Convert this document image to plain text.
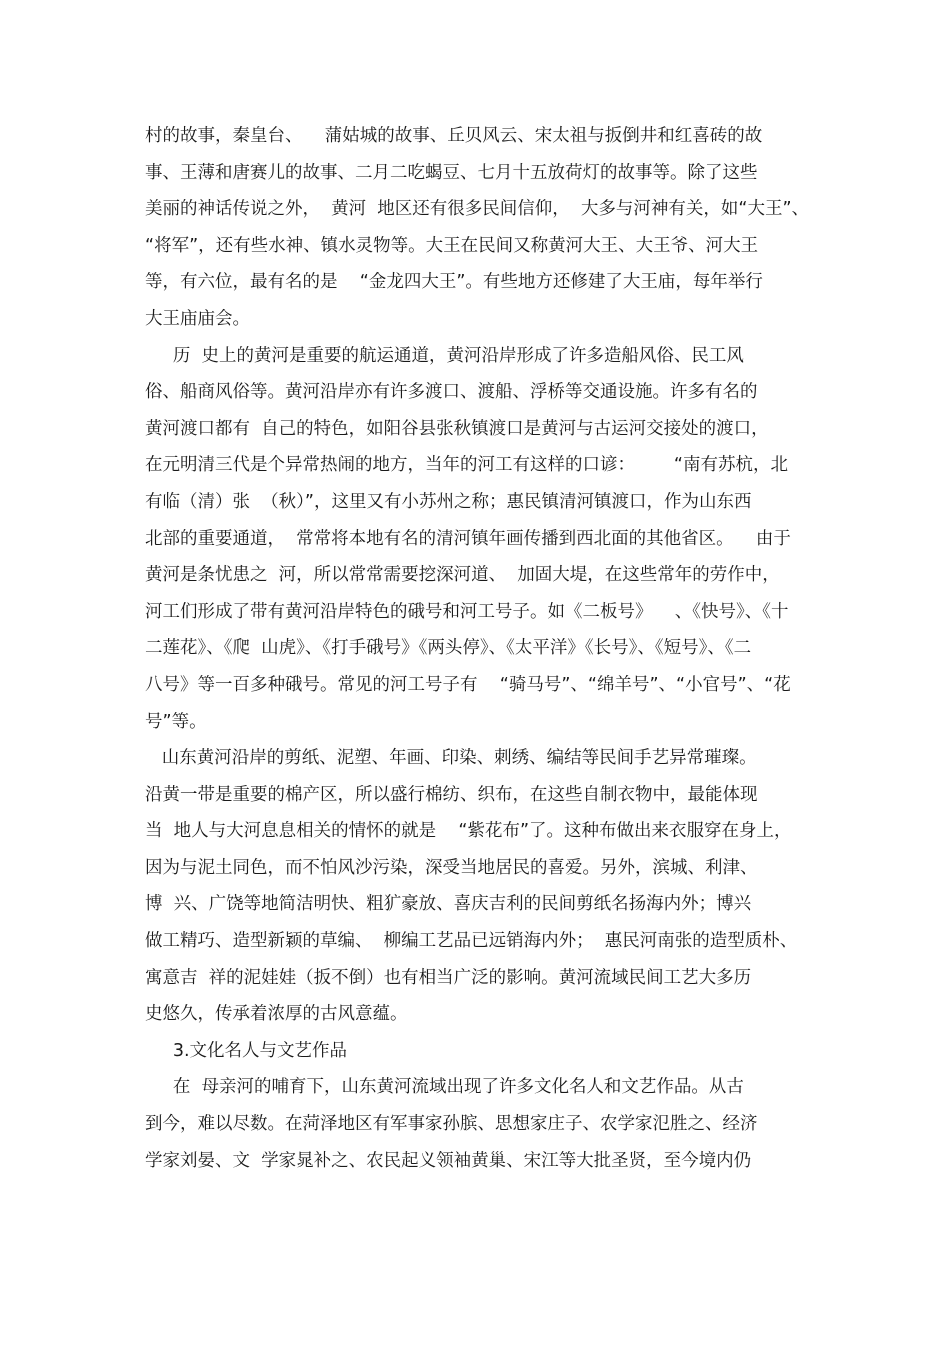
村的故事，秦皇台、    蒲姑城的故事、丘贝风云、宋太祖与扳倒井和红喜砖的故
事、王薄和唐赛儿的故事、二月二吃蝎豆、七月十五放荷灯的故事等。除了这些
美丽的神话传说之外，  黄河  地区还有很多民间信仰，  大多与河神有关，如“大王”、
“将军”，还有些水神、镇水灵物等。大王在民间又称黄河大王、大王爷、河大王
等，有六位，最有名的是    “金龙四大王”。有些地方还修建了大王庙，每年举行
大王庙庙会。
历  史上的黄河是重要的航运通道，黄河沿岸形成了许多造船风俗、民工风
俗、船商风俗等。黄河沿岸亦有许多渡口、渡船、浮桥等交通设施。许多有名的
黄河渡口都有  自己的特色，如阳谷县张秋镇渡口是黄河与古运河交接处的渡口，
在元明清三代是个异常热闹的地方，当年的河工有这样的口谚：       “南有苏杭，北
有临（清）张  （秋）”，这里又有小苏州之称；惠民镇清河镇渡口，作为山东西
北部的重要通道，  常常将本地有名的清河镇年画传播到西北面的其他省区。    由于
黄河是条忧患之  河，所以常常需要挖深河道、  加固大堤，在这些常年的劳作中，
河工们形成了带有黄河沿岸特色的硪号和河工号子。如《二板号》    、《快号》、《十
二莲花》、《爬  山虎》、《打手硪号》《两头停》、《太平洋》《长号》、《短号》、《二
八号》等一百多种硪号。常见的河工号子有    “骑马号”、“绵羊号”、“小官号”、“花
号”等。
山东黄河沿岸的剪纸、泥塑、年画、印染、刺绣、编结等民间手艺异常璀璨。
沿黄一带是重要的棉产区，所以盛行棉纺、织布，在这些自制衣物中，最能体现
当  地人与大河息息相关的情怀的就是    “紫花布”了。这种布做出来衣服穿在身上，
因为与泥土同色，而不怕风沙污染，深受当地居民的喜爱。另外，滨城、利津、
博  兴、广饶等地简洁明快、粗犷豪放、喜庆吉利的民间剪纸名扬海内外；博兴
做工精巧、造型新颖的草编、  柳编工艺品已远销海内外；  惠民河南张的造型质朴、
寓意吉  祥的泥娃娃（扳不倒）也有相当广泛的影响。黄河流域民间工艺大多历
史悠久，传承着浓厚的古风意蕴。
3.文化名人与文艺作品
在  母亲河的哺育下，山东黄河流域出现了许多文化名人和文艺作品。从古
到今，难以尽数。在菏泽地区有军事家孙膑、思想家庄子、农学家氾胜之、经济
学家刘晏、文  学家晁补之、农民起义领袖黄巢、宋江等大批圣贤，至今境内仍
